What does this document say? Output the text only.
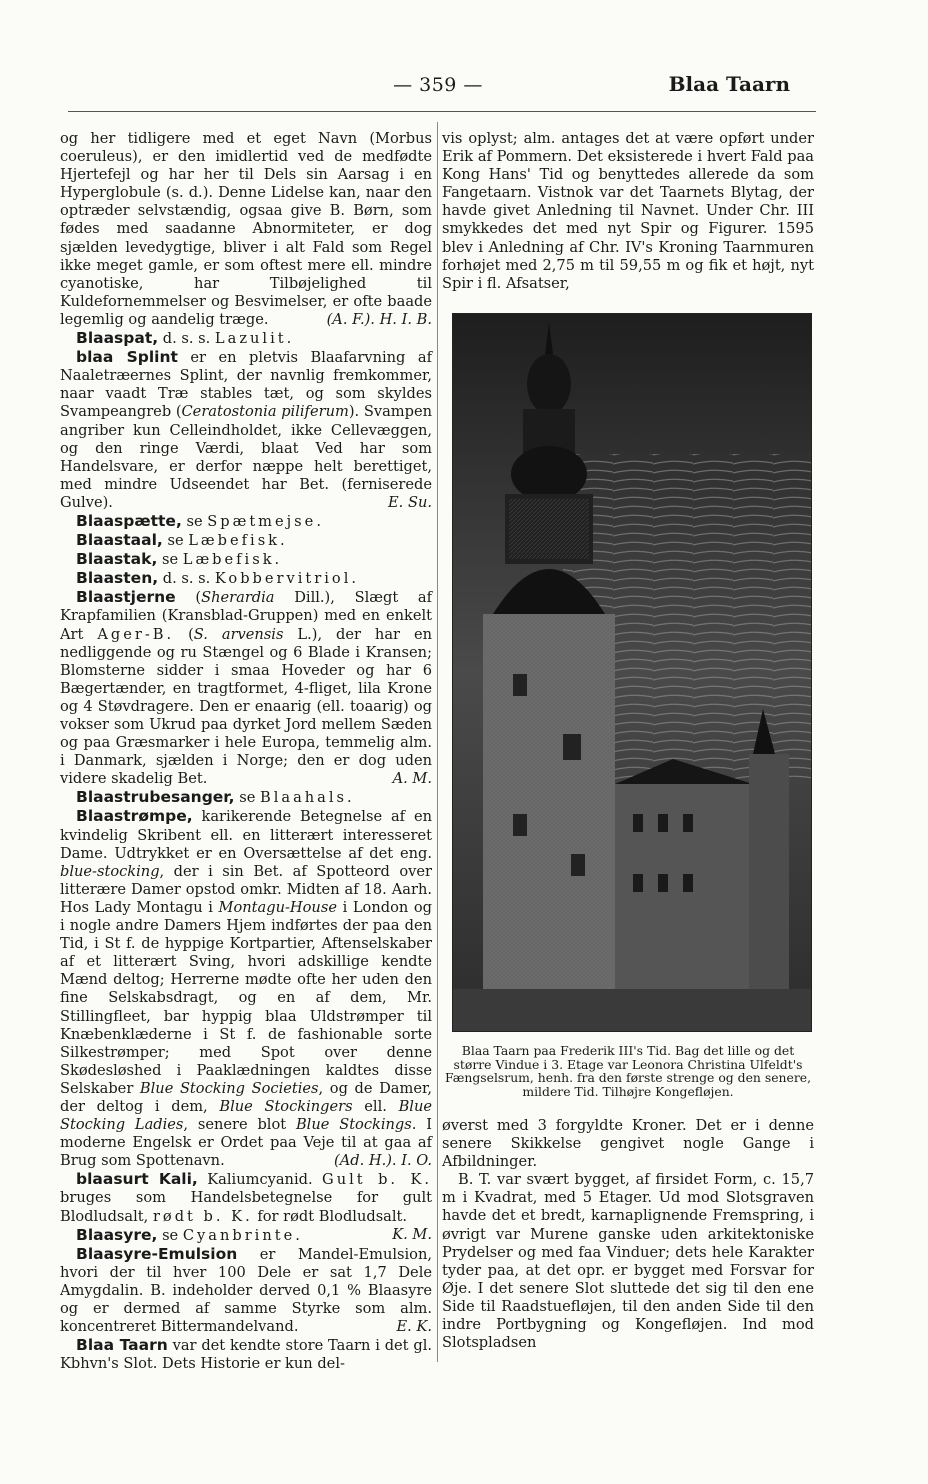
— 359 —	Blaa Taarn

og her tidligere med et eget Navn (Morbus coeruleus), er den imidlertid ved de medfødte Hjertefejl og har her til Dels sin Aarsag i en Hyperglobule (s. d.). Denne Lidelse kan, naar den optræder selvstændig, ogsaa give B. Børn, som fødes med saadanne Abnormiteter, er dog sjælden levedygtige, bliver i alt Fald som Regel ikke meget gamle, er som oftest mere ell. mindre cyanotiske, har Tilbøjelighed til Kuldefornemmelser og Besvimelser, er ofte baade legemlig og aandelig træge.	(A. F.). H. I. B.

Blaaspat, d. s. s. Lazulit.

blaa Splint er en pletvis Blaafarvning af Naaletræernes Splint, der navnlig fremkommer, naar vaadt Træ stables tæt, og som skyldes Svampeangreb (Ceratostonia piliferum). Svampen angriber kun Celleindholdet, ikke Cellevæggen, og den ringe Værdi, blaat Ved har som Handelsvare, er derfor næppe helt berettiget, med mindre Udseendet har Bet. (ferniserede Gulve).	E. Su.

Blaaspætte, se Spætmejse.

Blaastaal, se Læbefisk.

Blaastak, se Læbefisk.

Blaasten, d. s. s. Kobbervitriol.

Blaastjerne (Sherardia Dill.), Slægt af Krapfamilien (Kransblad-Gruppen) med en enkelt Art Ager-B. (S. arvensis L.), der har en nedliggende og ru Stængel og 6 Blade i Kransen; Blomsterne sidder i smaa Hoveder og har 6 Bægertænder, en tragtformet, 4-fliget, lila Krone og 4 Støvdragere. Den er enaarig (ell. toaarig) og vokser som Ukrud paa dyrket Jord mellem Sæden og paa Græsmarker i hele Europa, temmelig alm. i Danmark, sjælden i Norge; den er dog uden videre skadelig Bet.	A. M.

Blaastrubesanger, se Blaahals.

Blaastrømpe, karikerende Betegnelse af en kvindelig Skribent ell. en litterært interesseret Dame. Udtrykket er en Oversættelse af det eng. blue-stocking, der i sin Bet. af Spotteord over litterære Damer opstod omkr. Midten af 18. Aarh. Hos Lady Montagu i Montagu-House i London og i nogle andre Damers Hjem indførtes der paa den Tid, i St f. de hyppige Kortpartier, Aftenselskaber af et litterært Sving, hvori adskillige kendte Mænd deltog; Herrerne mødte ofte her uden den fine Selskabsdragt, og en af dem, Mr. Stillingfleet, bar hyppig blaa Uldstrømper til Knæbenklæderne i St f. de fashionable sorte Silkestrømper; med Spot over denne Skødesløshed i Paaklædningen kaldtes disse Selskaber Blue Stocking Societies, og de Damer, der deltog i dem, Blue Stockingers ell. Blue Stocking Ladies, senere blot Blue Stockings. I moderne Engelsk er Ordet paa Veje til at gaa af Brug som Spottenavn.	(Ad. H.). I. O.

blaasurt Kali, Kaliumcyanid. Gult b. K. bruges som Handelsbetegnelse for gult Blodludsalt, rødt b. K. for rødt Blodludsalt.
K. M.

Blaasyre, se Cyanbrinte.

Blaasyre-Emulsion er Mandel-Emulsion, hvori der til hver 100 Dele er sat 1,7 Dele Amygdalin. B. indeholder derved 0,1 % Blaasyre og er dermed af samme Styrke som alm. koncentreret Bittermandelvand.	E. K.

Blaa Taarn var det kendte store Taarn i det gl. Kbhvn's Slot. Dets Historie er kun del-

vis oplyst; alm. antages det at være opført under Erik af Pommern. Det eksisterede i hvert Fald paa Kong Hans' Tid og benyttedes allerede da som Fangetaarn. Vistnok var det Taarnets Blytag, der havde givet Anledning til Navnet. Under Chr. III smykkedes det med nyt Spir og Figurer. 1595 blev i Anledning af Chr. IV's Kroning Taarnmuren forhøjet med 2,75 m til 59,55 m og fik et højt, nyt Spir i fl. Afsatser,

Blaa Taarn paa Frederik III's Tid. Bag det lille og det større Vindue i 3. Etage var Leonora Christina Ulfeldt's Fængselsrum, henh. fra den første strenge og den senere, mildere Tid. Tilhøjre Kongefløjen.

øverst med 3 forgyldte Kroner. Det er i denne senere Skikkelse gengivet nogle Gange i Afbildninger.

B. T. var svært bygget, af firsidet Form, c. 15,7 m i Kvadrat, med 5 Etager. Ud mod Slotsgraven havde det et bredt, karnaplignende Fremspring, i øvrigt var Murene ganske uden arkitektoniske Prydelser og med faa Vinduer; dets hele Karakter tyder paa, at det opr. er bygget med Forsvar for Øje. I det senere Slot sluttede det sig til den ene Side til Raadstuefløjen, til den anden Side til den indre Portbygning og Kongefløjen. Ind mod Slotspladsen
